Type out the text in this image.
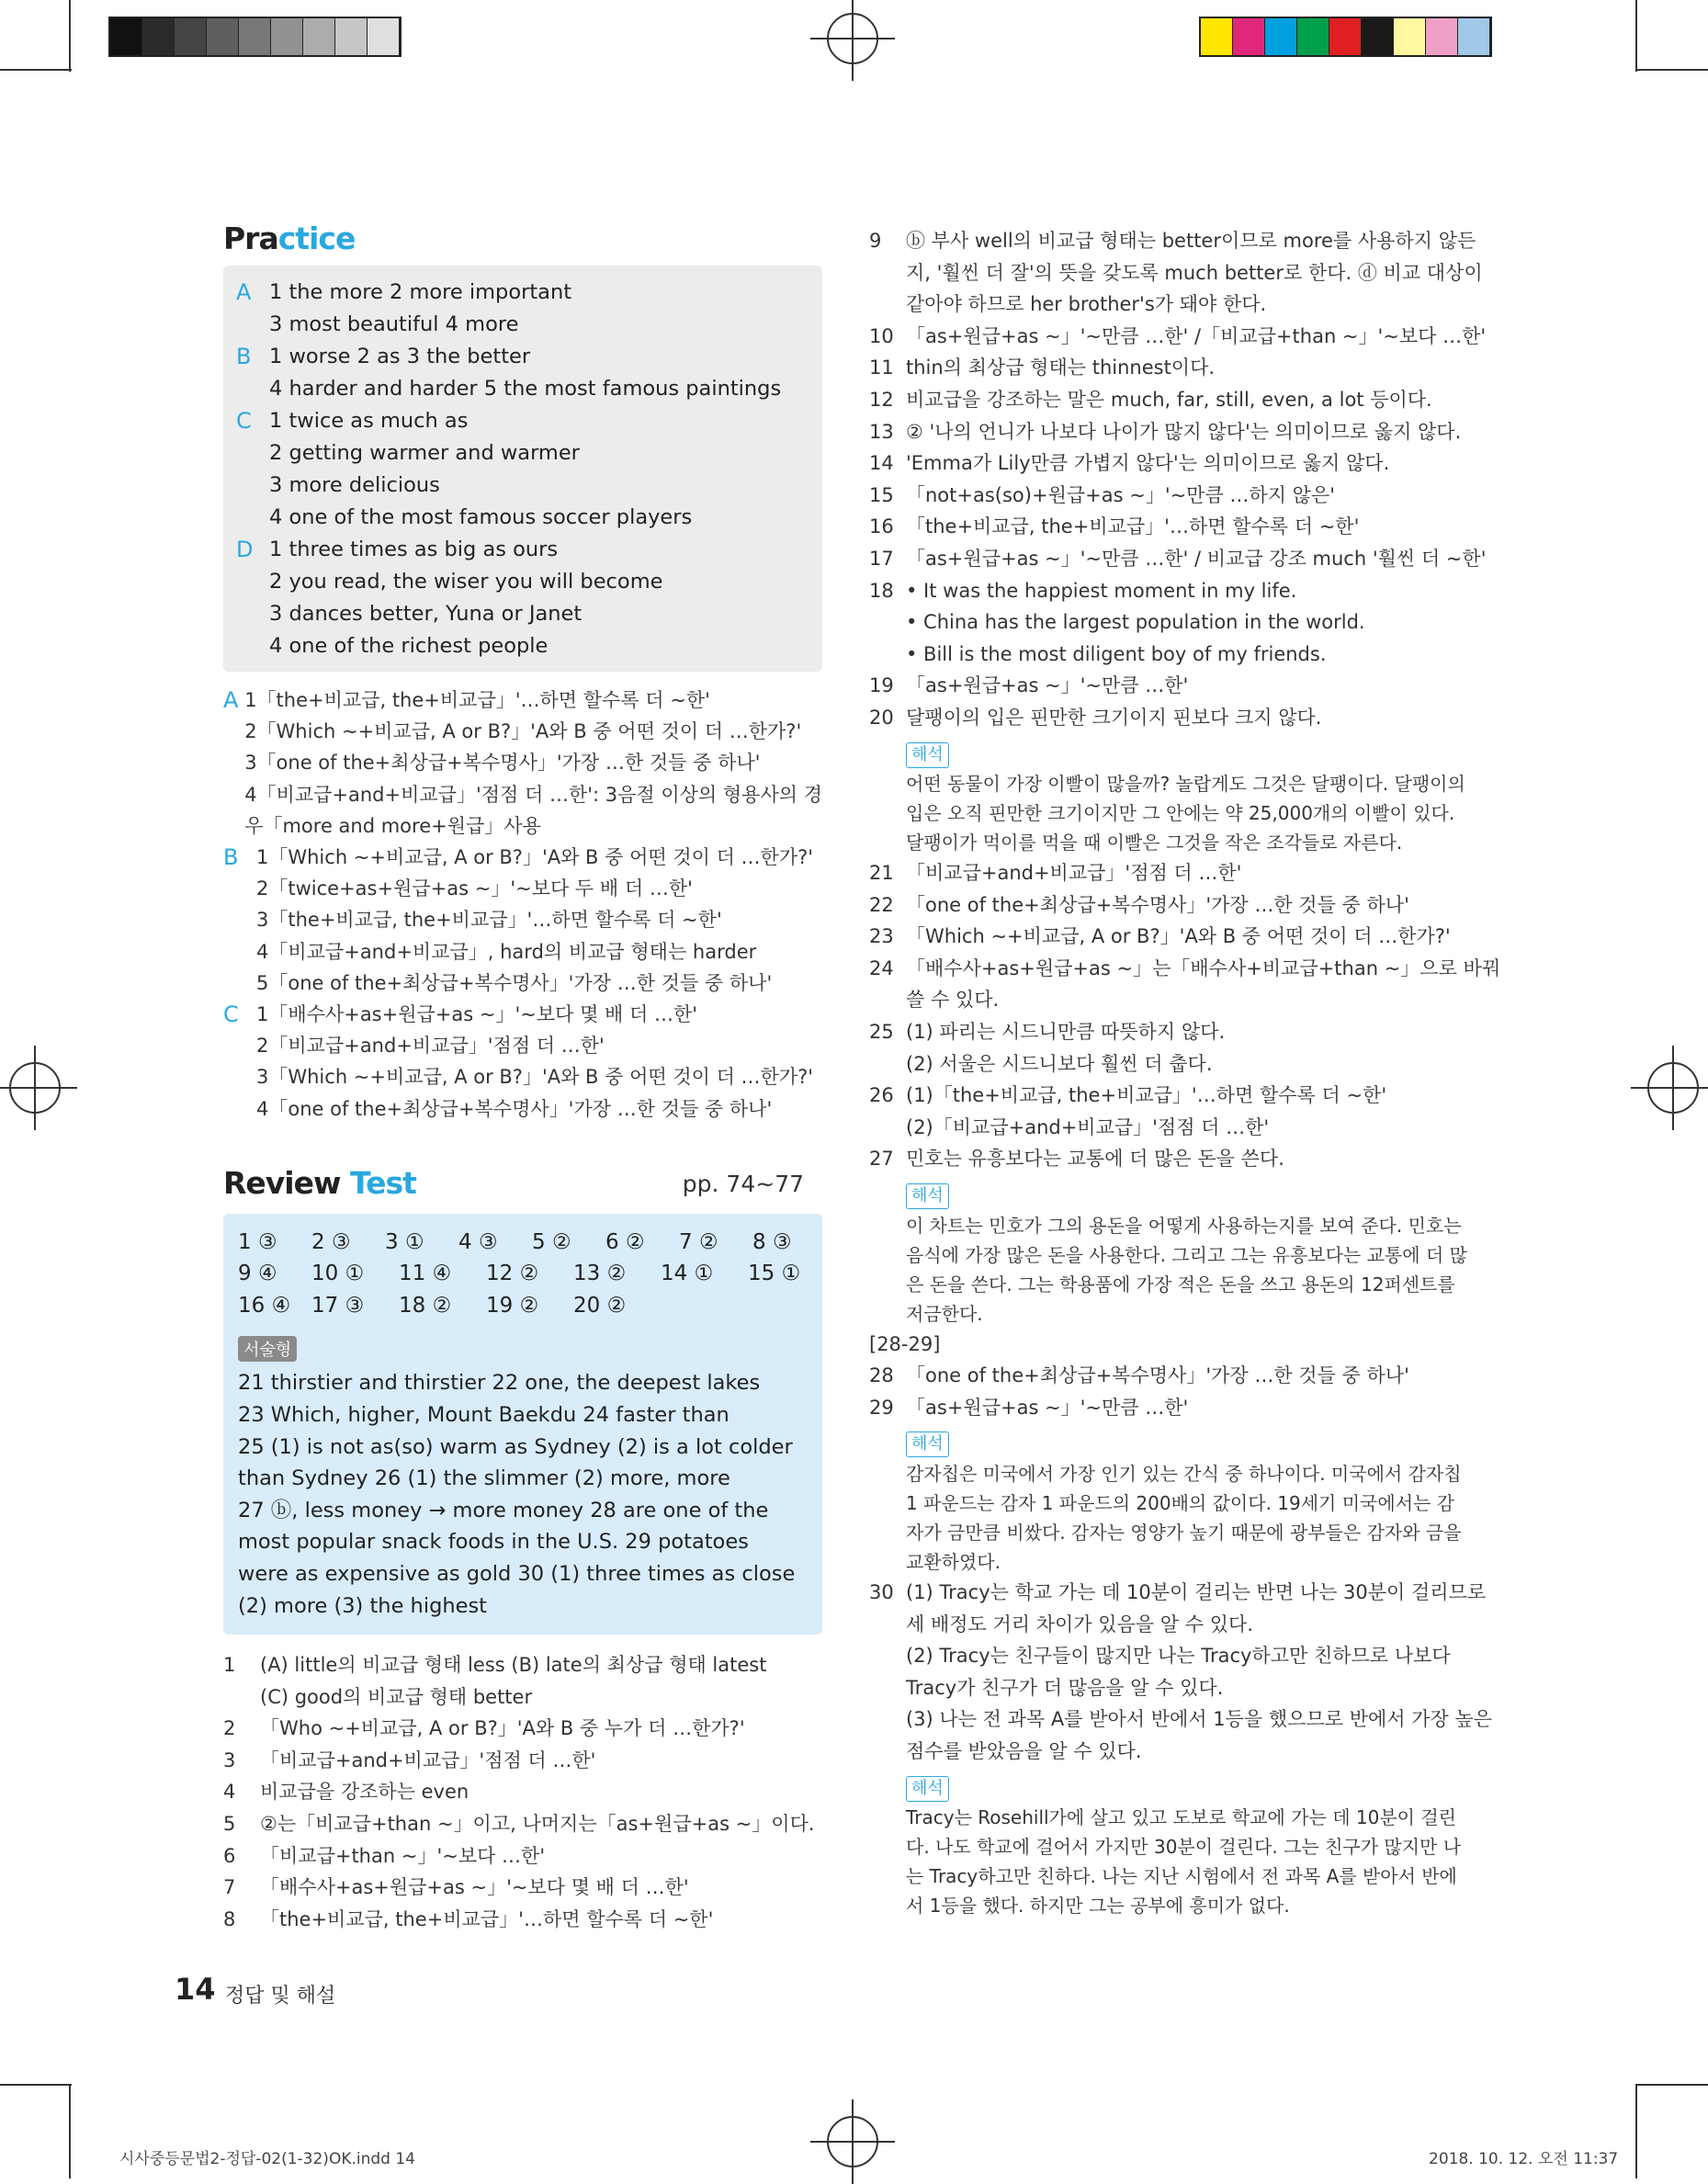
Practice
A 1 the more 2 more important
3 most beautiful 4 more
B 1 worse 2 as 3 the better
4 harder and harder 5 the most famous paintings
C 1 twice as much as
2 getting warmer and warmer
3 more delicious
4 one of the most famous soccer players
D 1 three times as big as ours
2 you read, the wiser you will become
3 dances better, Yuna or Janet
4 one of the richest people
A 1「the+비교급, the+비교급」'…하면 할수록 더 ~한'
2「Which ~+비교급, A or B?」'A와 B 중 어떤 것이 더 …한가?'
3「one of the+최상급+복수명사」'가장 …한 것들 중 하나'
4「비교급+and+비교급」'점점 더 …한': 3음절 이상의 형용사의 경
우「more and more+원급」사용
B 1「Which ~+비교급, A or B?」'A와 B 중 어떤 것이 더 …한가?'
2「twice+as+원급+as ~」'~보다 두 배 더 …한'
3「the+비교급, the+비교급」'…하면 할수록 더 ~한'
4「비교급+and+비교급」, hard의 비교급 형태는 harder
5「one of the+최상급+복수명사」'가장 …한 것들 중 하나'
C 1「배수사+as+원급+as ~」'~보다 몇 배 더 …한'
2「비교급+and+비교급」'점점 더 …한'
3「Which ~+비교급, A or B?」'A와 B 중 어떤 것이 더 …한가?'
4「one of the+최상급+복수명사」'가장 …한 것들 중 하나'
Review Test	pp. 74~77
1 ③ 2 ③ 3 ① 4 ③ 5 ② 6 ② 7 ② 8 ③
9 ④ 10 ① 11 ④ 12 ② 13 ② 14 ① 15 ①
16 ④ 17 ③ 18 ② 19 ② 20 ②
서술형
21 thirstier and thirstier 22 one, the deepest lakes
23 Which, higher, Mount Baekdu 24 faster than
25 (1) is not as(so) warm as Sydney (2) is a lot colder
than Sydney 26 (1) the slimmer (2) more, more
27 ⓑ, less money → more money 28 are one of the
most popular snack foods in the U.S. 29 potatoes
were as expensive as gold 30 (1) three times as close
(2) more (3) the highest
1	(A) little의 비교급 형태 less (B) late의 최상급 형태 latest
(C) good의 비교급 형태 better
2	「Who ~+비교급, A or B?」'A와 B 중 누가 더 …한가?'
3	「비교급+and+비교급」'점점 더 …한'
4	비교급을 강조하는 even
5	②는「비교급+than ~」이고, 나머지는「as+원급+as ~」이다.
6	「비교급+than ~」'~보다 …한'
7	「배수사+as+원급+as ~」'~보다 몇 배 더 …한'
8	「the+비교급, the+비교급」'…하면 할수록 더 ~한'
9	ⓑ 부사 well의 비교급 형태는 better이므로 more를 사용하지 않든
지, '훨씬 더 잘'의 뜻을 갖도록 much better로 한다. ⓓ 비교 대상이
같아야 하므로 her brother's가 돼야 한다.
10 「as+원급+as ~」'~만큼 …한' /「비교급+than ~」'~보다 …한'
11 thin의 최상급 형태는 thinnest이다.
12 비교급을 강조하는 말은 much, far, still, even, a lot 등이다.
13 ② '나의 언니가 나보다 나이가 많지 않다'는 의미이므로 옳지 않다.
14 'Emma가 Lily만큼 가볍지 않다'는 의미이므로 옳지 않다.
15 「not+as(so)+원급+as ~」'~만큼 …하지 않은'
16 「the+비교급, the+비교급」'…하면 할수록 더 ~한'
17 「as+원급+as ~」'~만큼 …한' / 비교급 강조 much '훨씬 더 ~한'
18 • It was the happiest moment in my life.
• China has the largest population in the world.
• Bill is the most diligent boy of my friends.
19 「as+원급+as ~」'~만큼 …한'
20 달팽이의 입은 핀만한 크기이지 핀보다 크지 않다.
해석
어떤 동물이 가장 이빨이 많을까? 놀랍게도 그것은 달팽이다. 달팽이의
입은 오직 핀만한 크기이지만 그 안에는 약 25,000개의 이빨이 있다.
달팽이가 먹이를 먹을 때 이빨은 그것을 작은 조각들로 자른다.
21 「비교급+and+비교급」'점점 더 …한'
22 「one of the+최상급+복수명사」'가장 …한 것들 중 하나'
23 「Which ~+비교급, A or B?」'A와 B 중 어떤 것이 더 …한가?'
24 「배수사+as+원급+as ~」는「배수사+비교급+than ~」으로 바꿔
쓸 수 있다.
25 (1) 파리는 시드니만큼 따뜻하지 않다.
(2) 서울은 시드니보다 훨씬 더 춥다.
26 (1)「the+비교급, the+비교급」'…하면 할수록 더 ~한'
(2)「비교급+and+비교급」'점점 더 …한'
27 민호는 유흥보다는 교통에 더 많은 돈을 쓴다.
해석
이 차트는 민호가 그의 용돈을 어떻게 사용하는지를 보여 준다. 민호는
음식에 가장 많은 돈을 사용한다. 그리고 그는 유흥보다는 교통에 더 많
은 돈을 쓴다. 그는 학용품에 가장 적은 돈을 쓰고 용돈의 12퍼센트를
저금한다.
[28-29]
28 「one of the+최상급+복수명사」'가장 …한 것들 중 하나'
29 「as+원급+as ~」'~만큼 …한'
해석
감자칩은 미국에서 가장 인기 있는 간식 중 하나이다. 미국에서 감자칩
1 파운드는 감자 1 파운드의 200배의 값이다. 19세기 미국에서는 감
자가 금만큼 비쌌다. 감자는 영양가 높기 때문에 광부들은 감자와 금을
교환하였다.
30 (1) Tracy는 학교 가는 데 10분이 걸리는 반면 나는 30분이 걸리므로
세 배정도 거리 차이가 있음을 알 수 있다.
(2) Tracy는 친구들이 많지만 나는 Tracy하고만 친하므로 나보다
Tracy가 친구가 더 많음을 알 수 있다.
(3) 나는 전 과목 A를 받아서 반에서 1등을 했으므로 반에서 가장 높은
점수를 받았음을 알 수 있다.
해석
Tracy는 Rosehill가에 살고 있고 도보로 학교에 가는 데 10분이 걸린
다. 나도 학교에 걸어서 가지만 30분이 걸린다. 그는 친구가 많지만 나
는 Tracy하고만 친하다. 나는 지난 시험에서 전 과목 A를 받아서 반에
서 1등을 했다. 하지만 그는 공부에 흥미가 없다.
14 정답 및 해설
시사중등문법2-정답-02(1-32)OK.indd 14	2018. 10. 12. 오전 11:37
